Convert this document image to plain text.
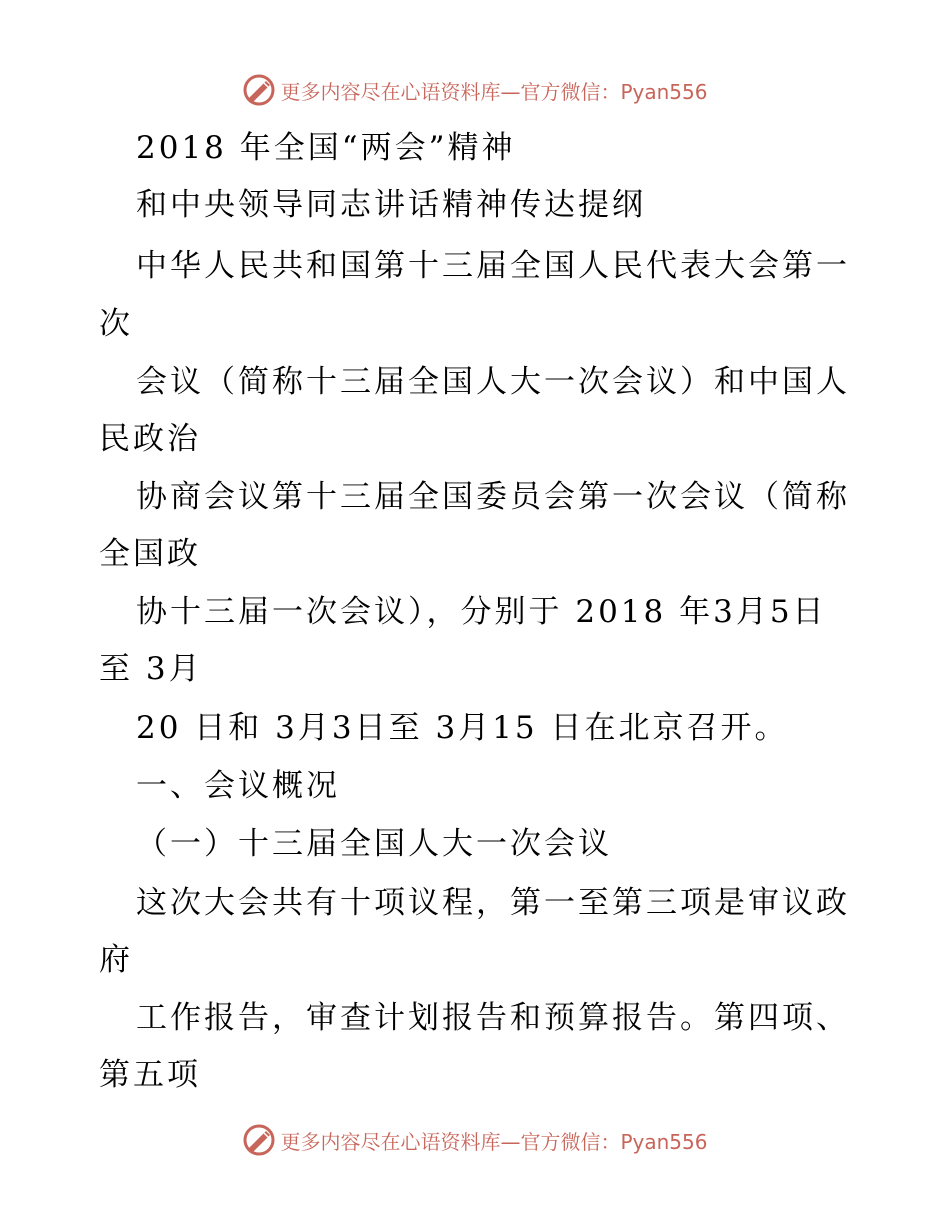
更多内容尽在心语资料库—官方微信：Pyan556
2018 年全国“两会”精神
和中央领导同志讲话精神传达提纲
中华人民共和国第十三届全国人民代表大会第一
次
会议（简称十三届全国人大一次会议）和中国人
民政治
协商会议第十三届全国委员会第一次会议（简称
全国政
协十三届一次会议），分别于 2018 年3月5日
至 3月
20 日和 3月3日至 3月15 日在北京召开。
一、会议概况
（一）十三届全国人大一次会议
这次大会共有十项议程，第一至第三项是审议政
府
工作报告，审查计划报告和预算报告。第四项、
第五项
更多内容尽在心语资料库—官方微信：Pyan556
